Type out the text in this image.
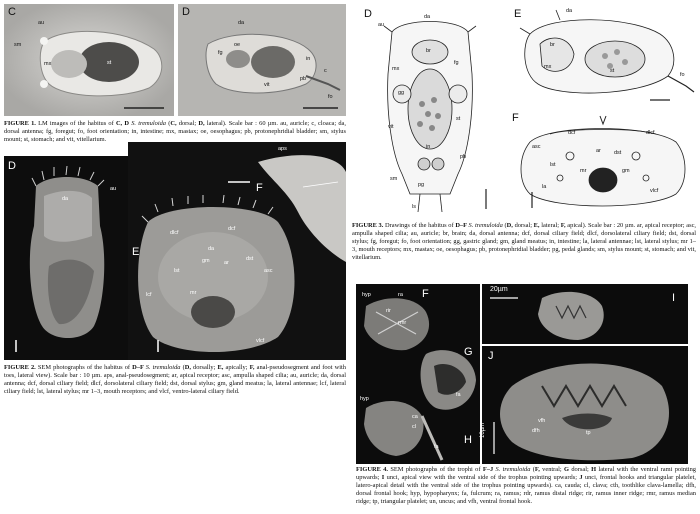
C
au
sm
mx	st
D
da
fg
oe
in
c
pb
vit
fo
FIGURE 1. LM images of the habitus of C, D S. tremuloida (C, dorsal; D, lateral). Scale bar : 60 µm. au, auricle; c, cloaca; da, dorsal antenna; fg, foregut; fo, foot orientation; in, intestine; mx, mastax; oe, oesophagus; pb, protonephridial bladder; sm, stylus mount; st, stomach; and vit, vitellarium.
D
au
da
E
F
aps
dlcf
dcf
da
dst
gm	ar
asc
lst
lcf	mr
vlcf
FIGURE 2. SEM photographs of the habitus of D–F S. tremuloida (D, dorsally; E, apically; F, anal-pseudosegment and foot with toes, lateral view). Scale bar : 10 µm. aps, anal-pseudosegment; ar, apical receptor; asc, ampulla shaped cilia; au, auricle; da, dorsal antenna; dcf, dorsal ciliary field; dlcf, dorsolateral ciliary field; dst, dorsal stylus; gm, gland meatus; la, lateral antennae; lcf, lateral ciliary field; lst, lateral stylus; mr 1–3, mouth receptors; and vlcf, ventro-lateral ciliary field.
D
au
da
br
fg
mx
gg
st
in
pb
vit
pg
sm
ls
E	da
br
mx
st
fo
F
asc
dcf	dlcf
ar dst
mr	gm
lst
vlcf
la
FIGURE 3. Drawings of the habitus of D–F S. tremuloida (D, dorsal; E, lateral; F, apical). Scale bar : 20 µm. ar, apical receptor; asc, ampulla shaped cilia; au, auricle; br, brain; da, dorsal antenna; dcf, dorsal ciliary field; dlcf, dorsolateral ciliary field; dst, dorsal stylus; fg, foregut; fo, foot orientation; gg, gastric gland; gm, gland meatus; in, intestine; la, lateral antennae; lst, lateral stylus; mr 1–3, mouth receptors; mx, mastax; oe, oesophagus; pb, protonephridial bladder; pg, pedal glands; sm, stylus mount; st, stomach; and vit, vitellarium.
F
hyp	ra
rir
rmr
G
fa
H
hyp
ca
cl
fa
20µm
I
J
vfh
dfh	tp
10µm
FIGURE 4. SEM photographs of the trophi of F–J S. tremuloida (F, ventral; G dorsal; H lateral with the ventral rami pointing upwards; I unci, apical view with the ventral side of the trophus pointing upwards; J unci, frontal hooks and triangular platelet, latero-apical detail with the ventral side of the trophus pointing upwards). ca, cauda; cl, clava; cth, toothlike clava-lamella; dfh, dorsal frontal hook; hyp, hypopharynx; fa, fulcrum; ra, ramus; rdr, ramus distal ridge; rir, ramus inner ridge; rmr, ramus median ridge; tp, triangular platelet; un, uncus; and vfh, ventral frontal hook.
